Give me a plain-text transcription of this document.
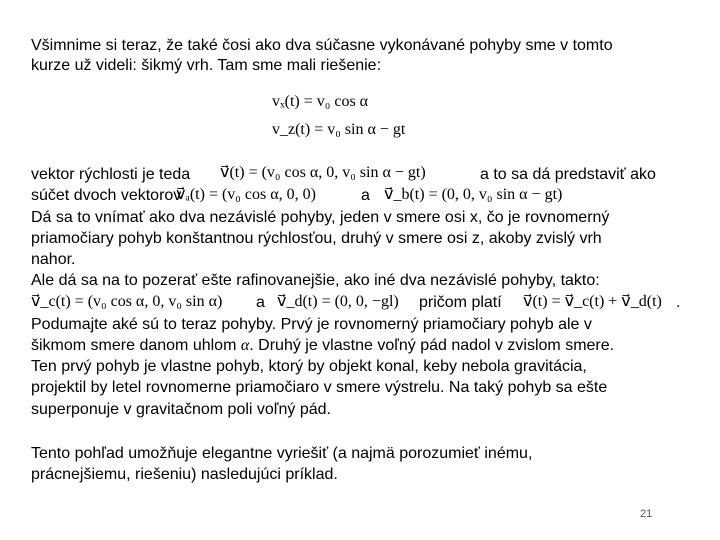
Všimnime si teraz, že také čosi ako dva súčasne vykonávané pohyby sme v tomto
kurze už videli: šikmý vrh. Tam sme mali riešenie:
vₓ(t) = v₀ cos α
v_z(t) = v₀ sin α − gt
vektor rýchlosti je teda v⃗(t) = (v₀ cos α, 0, v₀ sin α − gt)	a to sa dá predstaviť ako
súčet dvoch vektorov
v⃗ₐ(t) = (v₀ cos α, 0, 0)	a v⃗_b(t) = (0, 0, v₀ sin α − gt)
Dá sa to vnímať ako dva nezávislé pohyby, jeden v smere osi x, čo je rovnomerný
priamočiary pohyb konštantnou rýchlosťou, druhý v smere osi z, akoby zvislý vrh
nahor.
Ale dá sa na to pozerať ešte rafinovanejšie, ako iné dva nezávislé pohyby, takto:
v⃗_c(t) = (v₀ cos α, 0, v₀ sin α) a v⃗_d(t) = (0, 0, −gl) pričom platí v⃗(t) = v⃗_c(t) + v⃗_d(t) .
Podumajte aké sú to teraz pohyby. Prvý je rovnomerný priamočiary pohyb ale v
šikmom smere danom uhlom α. Druhý je vlastne voľný pád nadol v zvislom smere.
Ten prvý pohyb je vlastne pohyb, ktorý by objekt konal, keby nebola gravitácia,
projektil by letel rovnomerne priamočiaro v smere výstrelu. Na taký pohyb sa ešte
superponuje v gravitačnom poli voľný pád.
Tento pohľad umožňuje elegantne vyriešiť (a najmä porozumieť inému,
prácnejšiemu, riešeniu) nasledujúci príklad.
21
